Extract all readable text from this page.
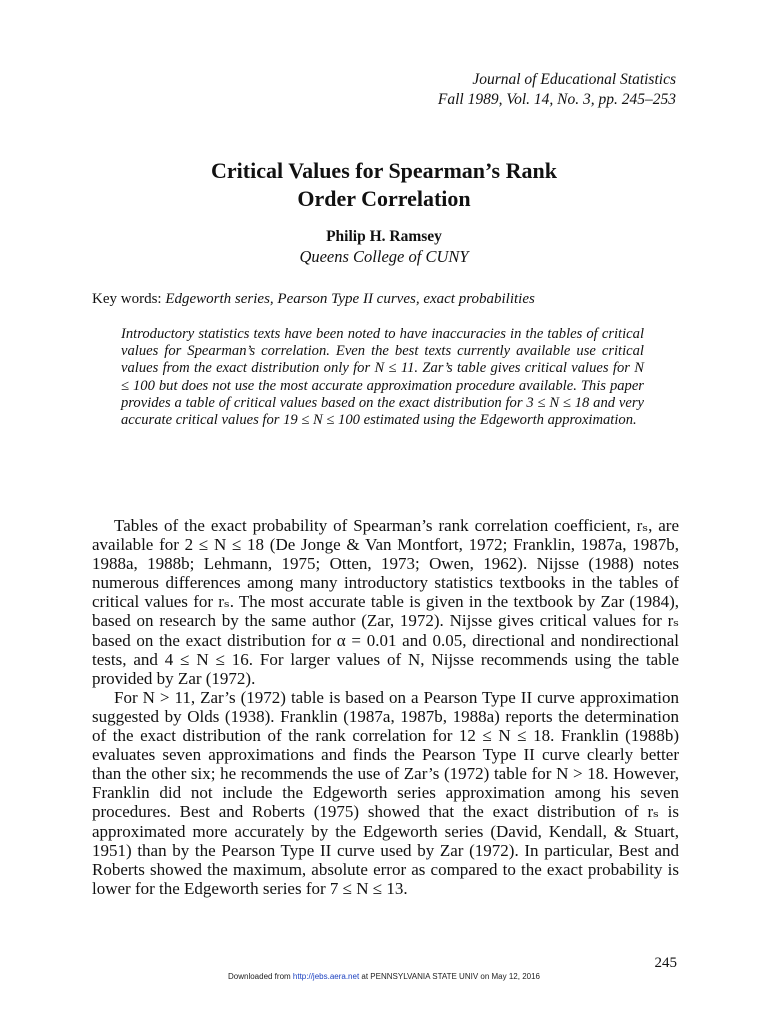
Journal of Educational Statistics
Fall 1989, Vol. 14, No. 3, pp. 245–253
Critical Values for Spearman’s Rank
Order Correlation
Philip H. Ramsey
Queens College of CUNY
Key words: Edgeworth series, Pearson Type II curves, exact probabilities

Introductory statistics texts have been noted to have inaccuracies in the tables of critical values for Spearman’s correlation. Even the best texts currently available use critical values from the exact distribution only for N ≤ 11. Zar’s table gives critical values for N ≤ 100 but does not use the most accurate approximation procedure available. This paper provides a table of critical values based on the exact distribution for 3 ≤ N ≤ 18 and very accurate critical values for 19 ≤ N ≤ 100 estimated using the Edgeworth approximation.

Tables of the exact probability of Spearman’s rank correlation coefficient, rₛ, are available for 2 ≤ N ≤ 18 (De Jonge & Van Montfort, 1972; Franklin, 1987a, 1987b, 1988a, 1988b; Lehmann, 1975; Otten, 1973; Owen, 1962). Nijsse (1988) notes numerous differences among many introductory statistics textbooks in the tables of critical values for rₛ. The most accurate table is given in the textbook by Zar (1984), based on research by the same author (Zar, 1972). Nijsse gives critical values for rₛ based on the exact distribution for α = 0.01 and 0.05, directional and nondirectional tests, and 4 ≤ N ≤ 16. For larger values of N, Nijsse recommends using the table provided by Zar (1972).

For N > 11, Zar’s (1972) table is based on a Pearson Type II curve approximation suggested by Olds (1938). Franklin (1987a, 1987b, 1988a) reports the determination of the exact distribution of the rank correlation for 12 ≤ N ≤ 18. Franklin (1988b) evaluates seven approximations and finds the Pearson Type II curve clearly better than the other six; he recommends the use of Zar’s (1972) table for N > 18. However, Franklin did not include the Edgeworth series approximation among his seven procedures. Best and Roberts (1975) showed that the exact distribution of rₛ is approximated more accurately by the Edgeworth series (David, Kendall, & Stuart, 1951) than by the Pearson Type II curve used by Zar (1972). In particular, Best and Roberts showed the maximum, absolute error as compared to the exact probability is lower for the Edgeworth series for 7 ≤ N ≤ 13.

245
Downloaded from http://jebs.aera.net at PENNSYLVANIA STATE UNIV on May 12, 2016
